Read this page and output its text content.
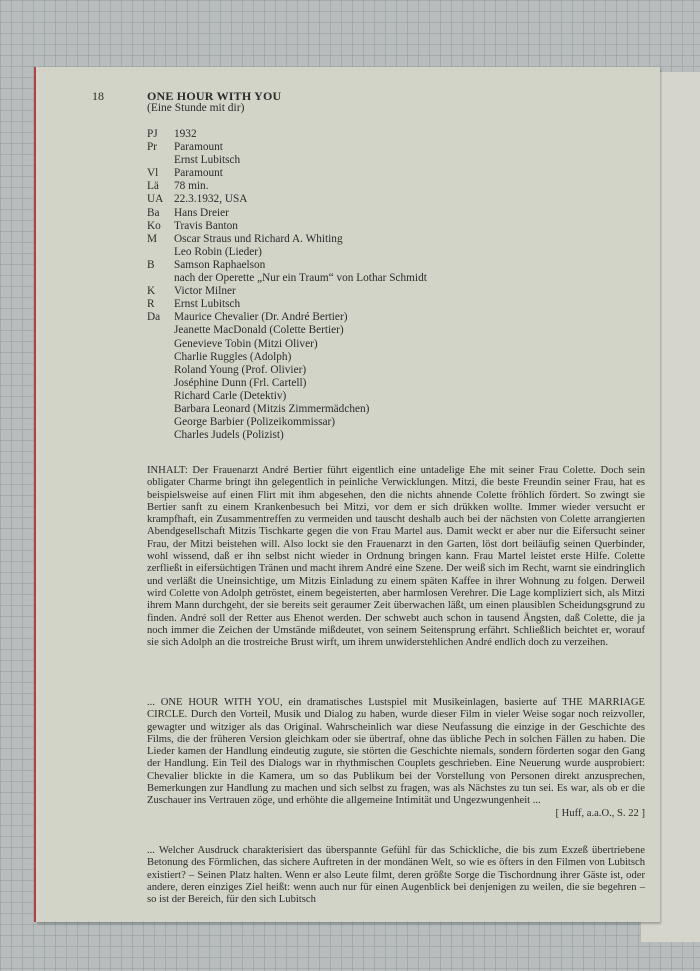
18	ONE HOUR WITH YOU
(Eine Stunde mit dir)
PJ	1932
Pr	Paramount
Ernst Lubitsch
Vl	Paramount
Lä	78 min.
UA 22.3.1932, USA
Ba	Hans Dreier
Ko	Travis Banton
M	Oscar Straus und Richard A. Whiting
Leo Robin (Lieder)
B	Samson Raphaelson
nach der Operette „Nur ein Traum“ von Lothar Schmidt
K	Victor Milner
R	Ernst Lubitsch
Da	Maurice Chevalier (Dr. André Bertier)
Jeanette MacDonald (Colette Bertier)
Genevieve Tobin (Mitzi Oliver)
Charlie Ruggles (Adolph)
Roland Young (Prof. Olivier)
Joséphine Dunn (Frl. Cartell)
Richard Carle (Detektiv)
Barbara Leonard (Mitzis Zimmermädchen)
George Barbier (Polizeikommissar)
Charles Judels (Polizist)
INHALT: Der Frauenarzt André Bertier führt eigentlich eine untadelige Ehe mit seiner Frau Colette. Doch sein obligater Charme bringt ihn gelegentlich in peinliche Verwicklungen. Mitzi, die beste Freundin seiner Frau, hat es beispielsweise auf einen Flirt mit ihm abgesehen, den die nichts ahnende Colette fröhlich fördert. So zwingt sie Bertier sanft zu einem Krankenbesuch bei Mitzi, vor dem er sich drükken wollte. Immer wieder versucht er krampfhaft, ein Zusammentreffen zu vermeiden und tauscht deshalb auch bei der nächsten von Colette arrangierten Abendgesellschaft Mitzis Tischkarte gegen die von Frau Martel aus. Damit weckt er aber nur die Eifersucht seiner Frau, der Mitzi beistehen will. Also lockt sie den Frauenarzt in den Garten, löst dort beiläufig seinen Querbinder, wohl wissend, daß er ihn selbst nicht wieder in Ordnung bringen kann. Frau Martel leistet erste Hilfe. Colette zerfließt in eifersüchtigen Tränen und macht ihrem André eine Szene. Der weiß sich im Recht, warnt sie eindringlich und verläßt die Uneinsichtige, um Mitzis Einladung zu einem späten Kaffee in ihrer Wohnung zu folgen. Derweil wird Colette von Adolph getröstet, einem begeisterten, aber harmlosen Verehrer. Die Lage kompliziert sich, als Mitzi ihrem Mann durchgeht, der sie bereits seit geraumer Zeit überwachen läßt, um einen plausiblen Scheidungsgrund zu finden. André soll der Retter aus Ehenot werden. Der schwebt auch schon in tausend Ängsten, daß Colette, die ja noch immer die Zeichen der Umstände mißdeutet, von seinem Seitensprung erfährt. Schließlich beichtet er, worauf sie sich Adolph an die trostreiche Brust wirft, um ihrem unwiderstehlichen André endlich doch zu verzeihen.
... ONE HOUR WITH YOU, ein dramatisches Lustspiel mit Musikeinlagen, basierte auf THE MARRIAGE CIRCLE. Durch den Vorteil, Musik und Dialog zu haben, wurde dieser Film in vieler Weise sogar noch reizvoller, gewagter und witziger als das Original. Wahrscheinlich war diese Neufassung die einzige in der Geschichte des Films, die der früheren Version gleichkam oder sie übertraf, ohne das übliche Pech in solchen Fällen zu haben. Die Lieder kamen der Handlung eindeutig zugute, sie störten die Geschichte niemals, sondern förderten sogar den Gang der Handlung. Ein Teil des Dialogs war in rhythmischen Couplets geschrieben. Eine Neuerung wurde ausprobiert: Chevalier blickte in die Kamera, um so das Publikum bei der Vorstellung von Personen direkt anzusprechen, Bemerkungen zur Handlung zu machen und sich selbst zu fragen, was als Nächstes zu tun sei. Es war, als ob er die Zuschauer ins Vertrauen zöge, und erhöhte die allgemeine Intimität und Ungezwungenheit ...
[ Huff, a.a.O., S. 22 ]
... Welcher Ausdruck charakterisiert das überspannte Gefühl für das Schickliche, die bis zum Exzeß übertriebene Betonung des Förmlichen, das sichere Auftreten in der mondänen Welt, so wie es öfters in den Filmen von Lubitsch existiert? – Seinen Platz halten. Wenn er also Leute filmt, deren größte Sorge die Tischordnung ihrer Gäste ist, oder andere, deren einziges Ziel heißt: wenn auch nur für einen Augenblick bei denjenigen zu weilen, die sie begehren – so ist der Bereich, für den sich Lubitsch
